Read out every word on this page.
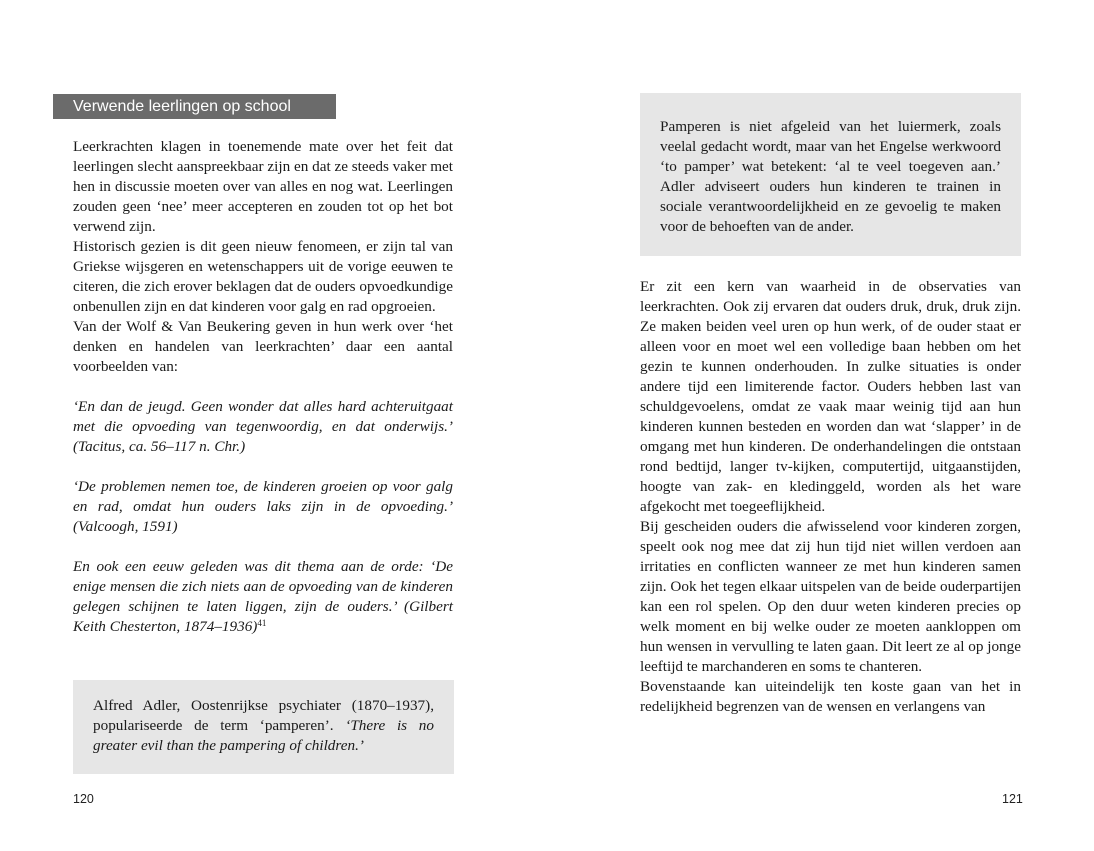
Verwende leerlingen op school

Leerkrachten klagen in toenemende mate over het feit dat leerlingen slecht aanspreekbaar zijn en dat ze steeds vaker met hen in discussie moeten over van alles en nog wat. Leerlingen zouden geen ‘nee’ meer accepteren en zouden tot op het bot verwend zijn.

Historisch gezien is dit geen nieuw fenomeen, er zijn tal van Griekse wijsgeren en wetenschappers uit de vorige eeuwen te citeren, die zich erover beklagen dat de ouders opvoedkundige onbenullen zijn en dat kinderen voor galg en rad opgroeien.

Van der Wolf & Van Beukering geven in hun werk over ‘het denken en handelen van leerkrachten’ daar een aantal voorbeelden van:

‘En dan de jeugd. Geen wonder dat alles hard achteruitgaat met die opvoeding van tegenwoordig, en dat onderwijs.’ (Tacitus, ca. 56–117 n. Chr.)

‘De problemen nemen toe, de kinderen groeien op voor galg en rad, omdat hun ouders laks zijn in de opvoeding.’ (Valcoogh, 1591)

En ook een eeuw geleden was dit thema aan de orde: ‘De enige mensen die zich niets aan de opvoeding van de kinderen gelegen schijnen te laten liggen, zijn de ouders.’ (Gilbert Keith Chesterton, 1874–1936)$^{41}$

Alfred Adler, Oostenrijkse psychiater (1870–1937), populariseerde de term ‘pamperen’. ‘There is no greater evil than the pampering of children.’

120

Pamperen is niet afgeleid van het luiermerk, zoals veelal gedacht wordt, maar van het Engelse werkwoord ‘to pamper’ wat betekent: ‘al te veel toegeven aan.’ Adler adviseert ouders hun kinderen te trainen in sociale verantwoordelijkheid en ze gevoelig te maken voor de behoeften van de ander.

Er zit een kern van waarheid in de observaties van leerkrachten. Ook zij ervaren dat ouders druk, druk, druk zijn. Ze maken beiden veel uren op hun werk, of de ouder staat er alleen voor en moet wel een volledige baan hebben om het gezin te kunnen onderhouden. In zulke situaties is onder andere tijd een limiterende factor. Ouders hebben last van schuldgevoelens, omdat ze vaak maar weinig tijd aan hun kinderen kunnen besteden en worden dan wat ‘slapper’ in de omgang met hun kinderen. De onderhandelingen die ontstaan rond bedtijd, langer tv-kijken, computertijd, uitgaanstijden, hoogte van zak- en kledinggeld, worden als het ware afgekocht met toegeeflijkheid.

Bij gescheiden ouders die afwisselend voor kinderen zorgen, speelt ook nog mee dat zij hun tijd niet willen verdoen aan irritaties en conflicten wanneer ze met hun kinderen samen zijn. Ook het tegen elkaar uitspelen van de beide ouderpartijen kan een rol spelen. Op den duur weten kinderen precies op welk moment en bij welke ouder ze moeten aankloppen om hun wensen in vervulling te laten gaan. Dit leert ze al op jonge leeftijd te marchanderen en soms te chanteren.

Bovenstaande kan uiteindelijk ten koste gaan van het in redelijkheid begrenzen van de wensen en verlangens van

121
